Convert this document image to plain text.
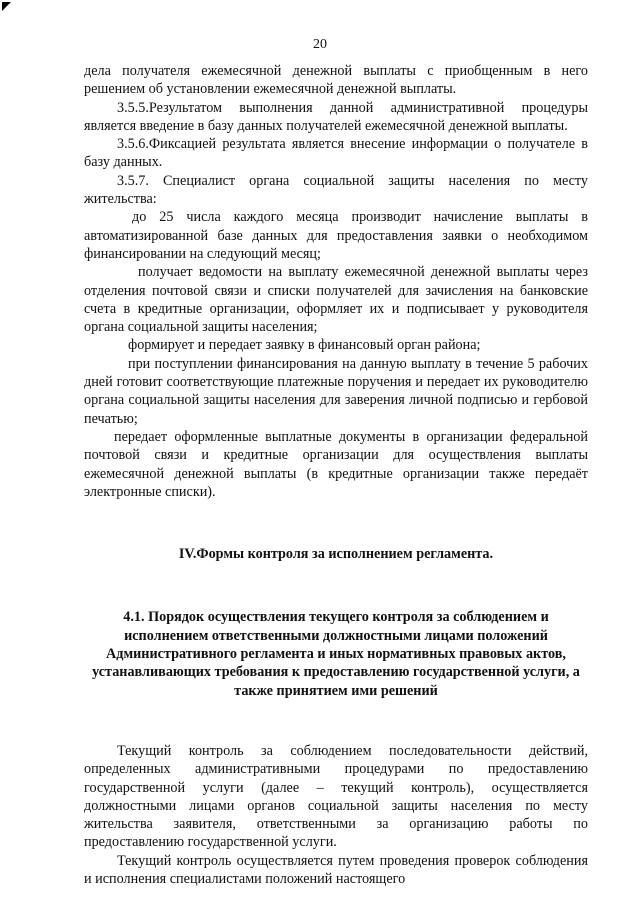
20

дела получателя ежемесячной денежной выплаты с приобщенным в него решением об установлении ежемесячной денежной выплаты.

3.5.5.Результатом выполнения данной административной процедуры является введение в базу данных получателей ежемесячной денежной выплаты.

3.5.6.Фиксацией результата является внесение информации о получателе в базу данных.

3.5.7. Специалист органа социальной защиты населения по месту жительства:

до 25 числа каждого месяца производит начисление выплаты в автоматизированной базе данных для предоставления заявки о необходимом финансировании на следующий месяц;

получает ведомости на выплату ежемесячной денежной выплаты через отделения почтовой связи и списки получателей для зачисления на банковские счета в кредитные организации, оформляет их и подписывает у руководителя органа социальной защиты населения;

формирует и передает заявку в финансовый орган района;

при поступлении финансирования на данную выплату в течение 5 рабочих дней готовит соответствующие платежные поручения и передает их руководителю органа социальной защиты населения для заверения личной подписью и гербовой печатью;

передает оформленные выплатные документы в организации федеральной почтовой связи и кредитные организации для осуществления выплаты ежемесячной денежной выплаты (в кредитные организации также передаёт электронные списки).

IV.Формы контроля за исполнением регламента.

4.1. Порядок осуществления текущего контроля за соблюдением и исполнением ответственными должностными лицами положений Административного регламента и иных нормативных правовых актов, устанавливающих требования к предоставлению государственной услуги, а также принятием ими решений

Текущий контроль за соблюдением последовательности действий, определенных административными процедурами по предоставлению государственной услуги (далее – текущий контроль), осуществляется должностными лицами органов социальной защиты населения по месту жительства заявителя, ответственными за организацию работы по предоставлению государственной услуги.

Текущий контроль осуществляется путем проведения проверок соблюдения и исполнения специалистами положений настоящего
